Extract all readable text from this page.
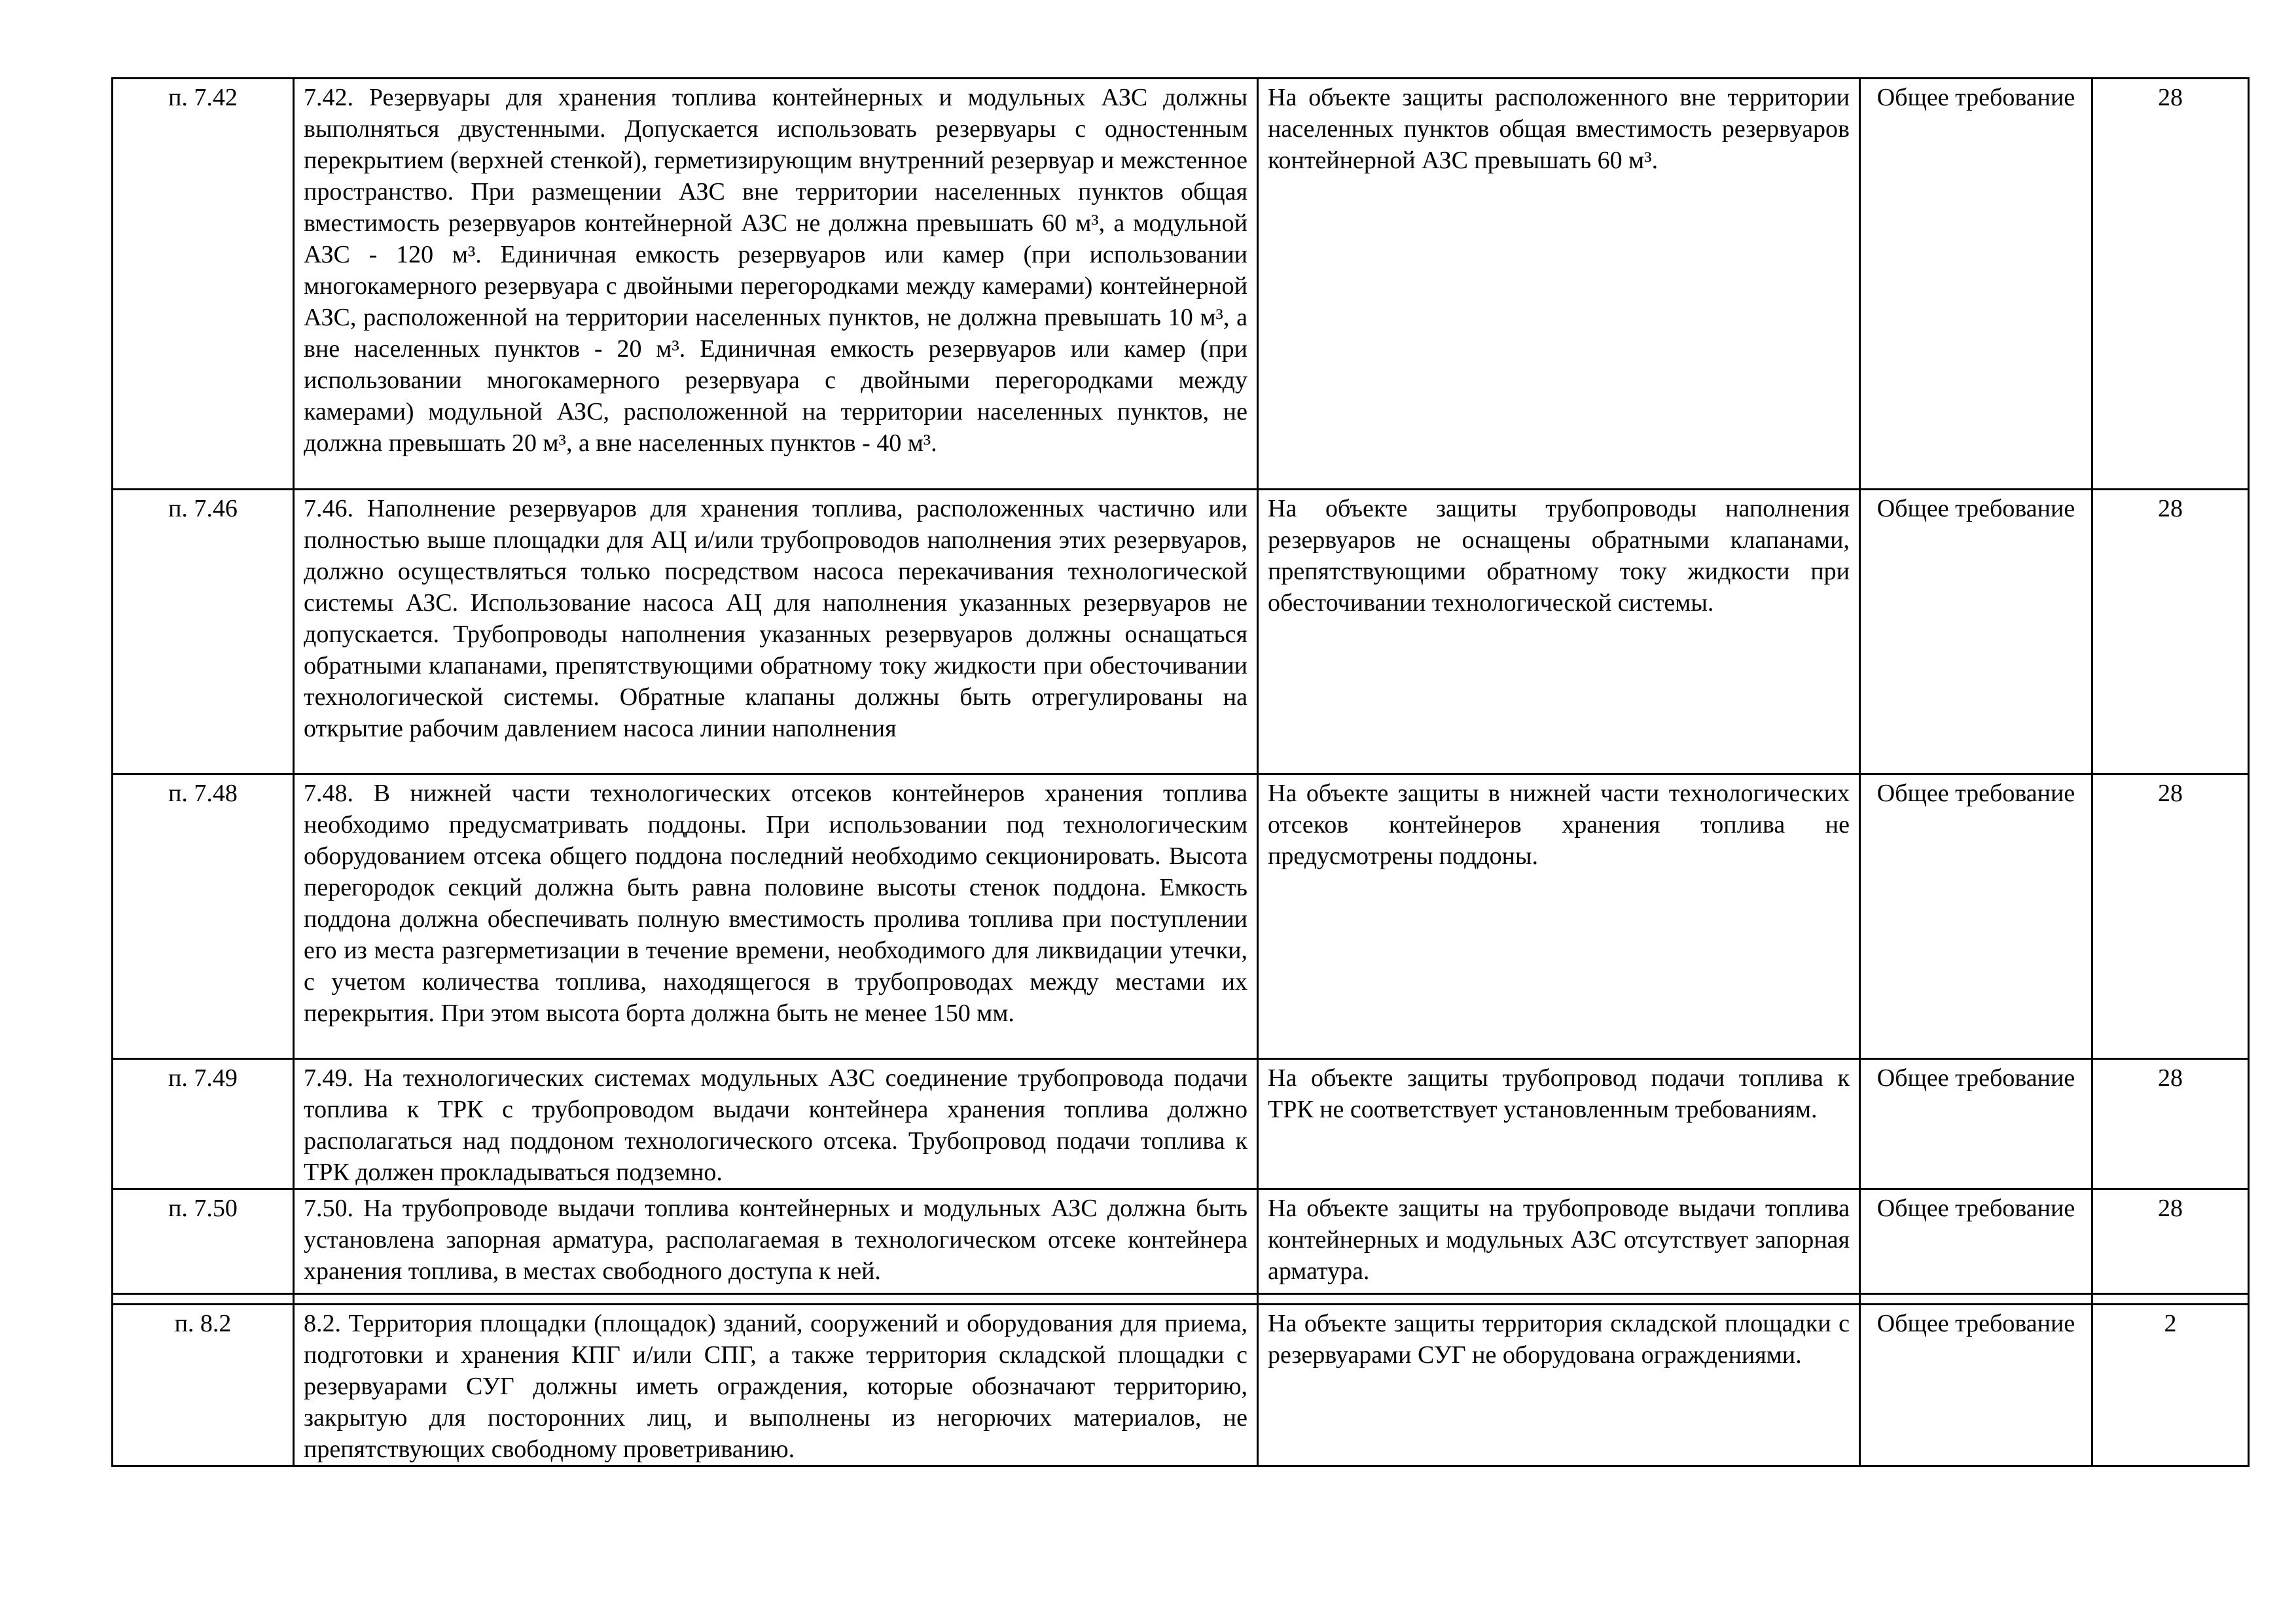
п. 7.42	7.42. Резервуары для хранения топлива контейнерных и модульных АЗС должны выполняться двустенными. Допускается использовать резервуары с одностенным перекрытием (верхней стенкой), герметизирующим внутренний резервуар и межстенное пространство. При размещении АЗС вне территории населенных пунктов общая вместимость резервуаров контейнерной АЗС не должна превышать 60 м³, а модульной АЗС - 120 м³. Единичная емкость резервуаров или камер (при использовании многокамерного резервуара с двойными перегородками между камерами) контейнерной АЗС, расположенной на территории населенных пунктов, не должна превышать 10 м³, а вне населенных пунктов - 20 м³. Единичная емкость резервуаров или камер (при использовании многокамерного резервуара с двойными перегородками между камерами) модульной АЗС, расположенной на территории населенных пунктов, не должна превышать 20 м³, а вне населенных пунктов - 40 м³.	На объекте защиты расположенного вне территории населенных пунктов общая вместимость резервуаров контейнерной АЗС превышать 60 м³.	Общее требование	28
п. 7.46	7.46. Наполнение резервуаров для хранения топлива, расположенных частично или полностью выше площадки для АЦ и/или трубопроводов наполнения этих резервуаров, должно осуществляться только посредством насоса перекачивания технологической системы АЗС. Использование насоса АЦ для наполнения указанных резервуаров не допускается. Трубопроводы наполнения указанных резервуаров должны оснащаться обратными клапанами, препятствующими обратному току жидкости при обесточивании технологической системы. Обратные клапаны должны быть отрегулированы на открытие рабочим давлением насоса линии наполнения	На объекте защиты трубопроводы наполнения резервуаров не оснащены обратными клапанами, препятствующими обратному току жидкости при обесточивании технологической системы.	Общее требование	28
п. 7.48	7.48. В нижней части технологических отсеков контейнеров хранения топлива необходимо предусматривать поддоны. При использовании под технологическим оборудованием отсека общего поддона последний необходимо секционировать. Высота перегородок секций должна быть равна половине высоты стенок поддона. Емкость поддона должна обеспечивать полную вместимость пролива топлива при поступлении его из места разгерметизации в течение времени, необходимого для ликвидации утечки, с учетом количества топлива, находящегося в трубопроводах между местами их перекрытия. При этом высота борта должна быть не менее 150 мм.	На объекте защиты в нижней части технологических отсеков контейнеров хранения топлива не предусмотрены поддоны.	Общее требование	28
п. 7.49	7.49. На технологических системах модульных АЗС соединение трубопровода подачи топлива к ТРК с трубопроводом выдачи контейнера хранения топлива должно располагаться над поддоном технологического отсека. Трубопровод подачи топлива к ТРК должен прокладываться подземно.	На объекте защиты трубопровод подачи топлива к ТРК не соответствует установленным требованиям.	Общее требование	28
п. 7.50	7.50. На трубопроводе выдачи топлива контейнерных и модульных АЗС должна быть установлена запорная арматура, располагаемая в технологическом отсеке контейнера хранения топлива, в местах свободного доступа к ней.	На объекте защиты на трубопроводе выдачи топлива контейнерных и модульных АЗС отсутствует запорная арматура.	Общее требование	28

п. 8.2	8.2. Территория площадки (площадок) зданий, сооружений и оборудования для приема, подготовки и хранения КПГ и/или СПГ, а также территория складской площадки с резервуарами СУГ должны иметь ограждения, которые обозначают территорию, закрытую для посторонних лиц, и выполнены из негорючих материалов, не препятствующих свободному проветриванию.	На объекте защиты территория складской площадки с резервуарами СУГ не оборудована ограждениями.	Общее требование	2
